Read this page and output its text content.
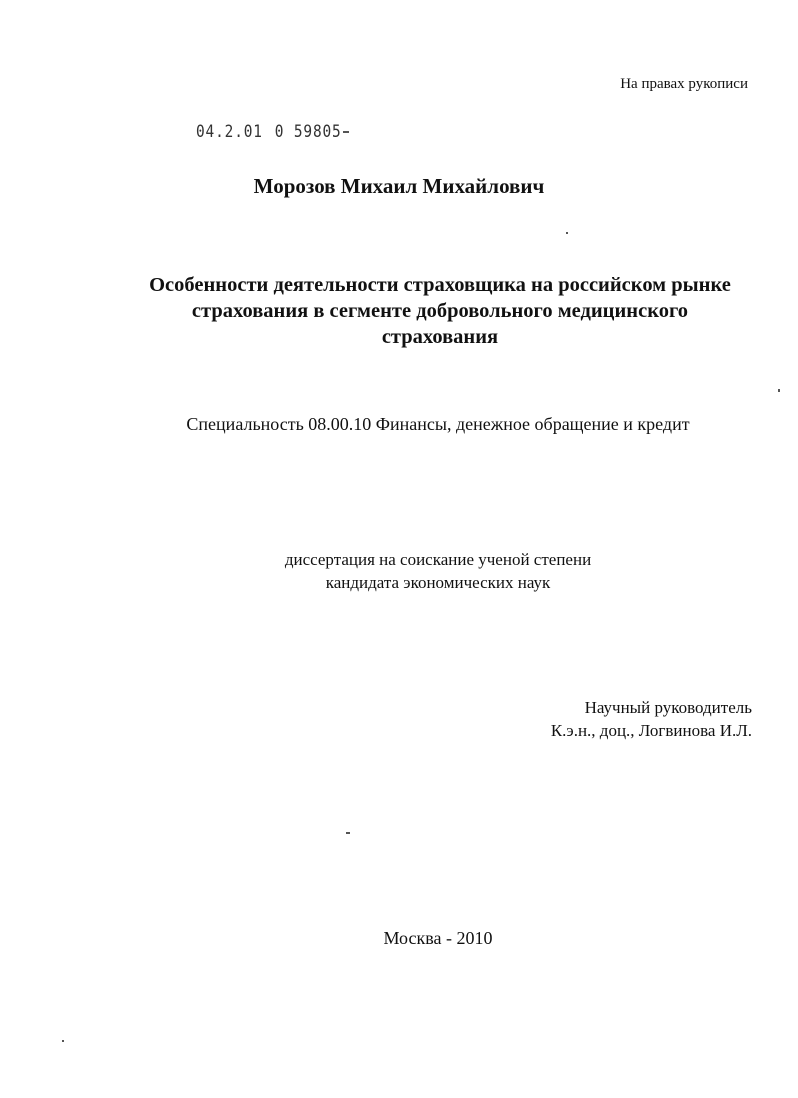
На правах рукописи
04.2.01 0 59805
Морозов Михаил Михайлович
Особенности деятельности страховщика на российском рынке
страхования в сегменте добровольного медицинского
страхования
Специальность 08.00.10 Финансы, денежное обращение и кредит
диссертация на соискание ученой степени
кандидата экономических наук
Научный руководитель
К.э.н., доц., Логвинова И.Л.
Москва - 2010
